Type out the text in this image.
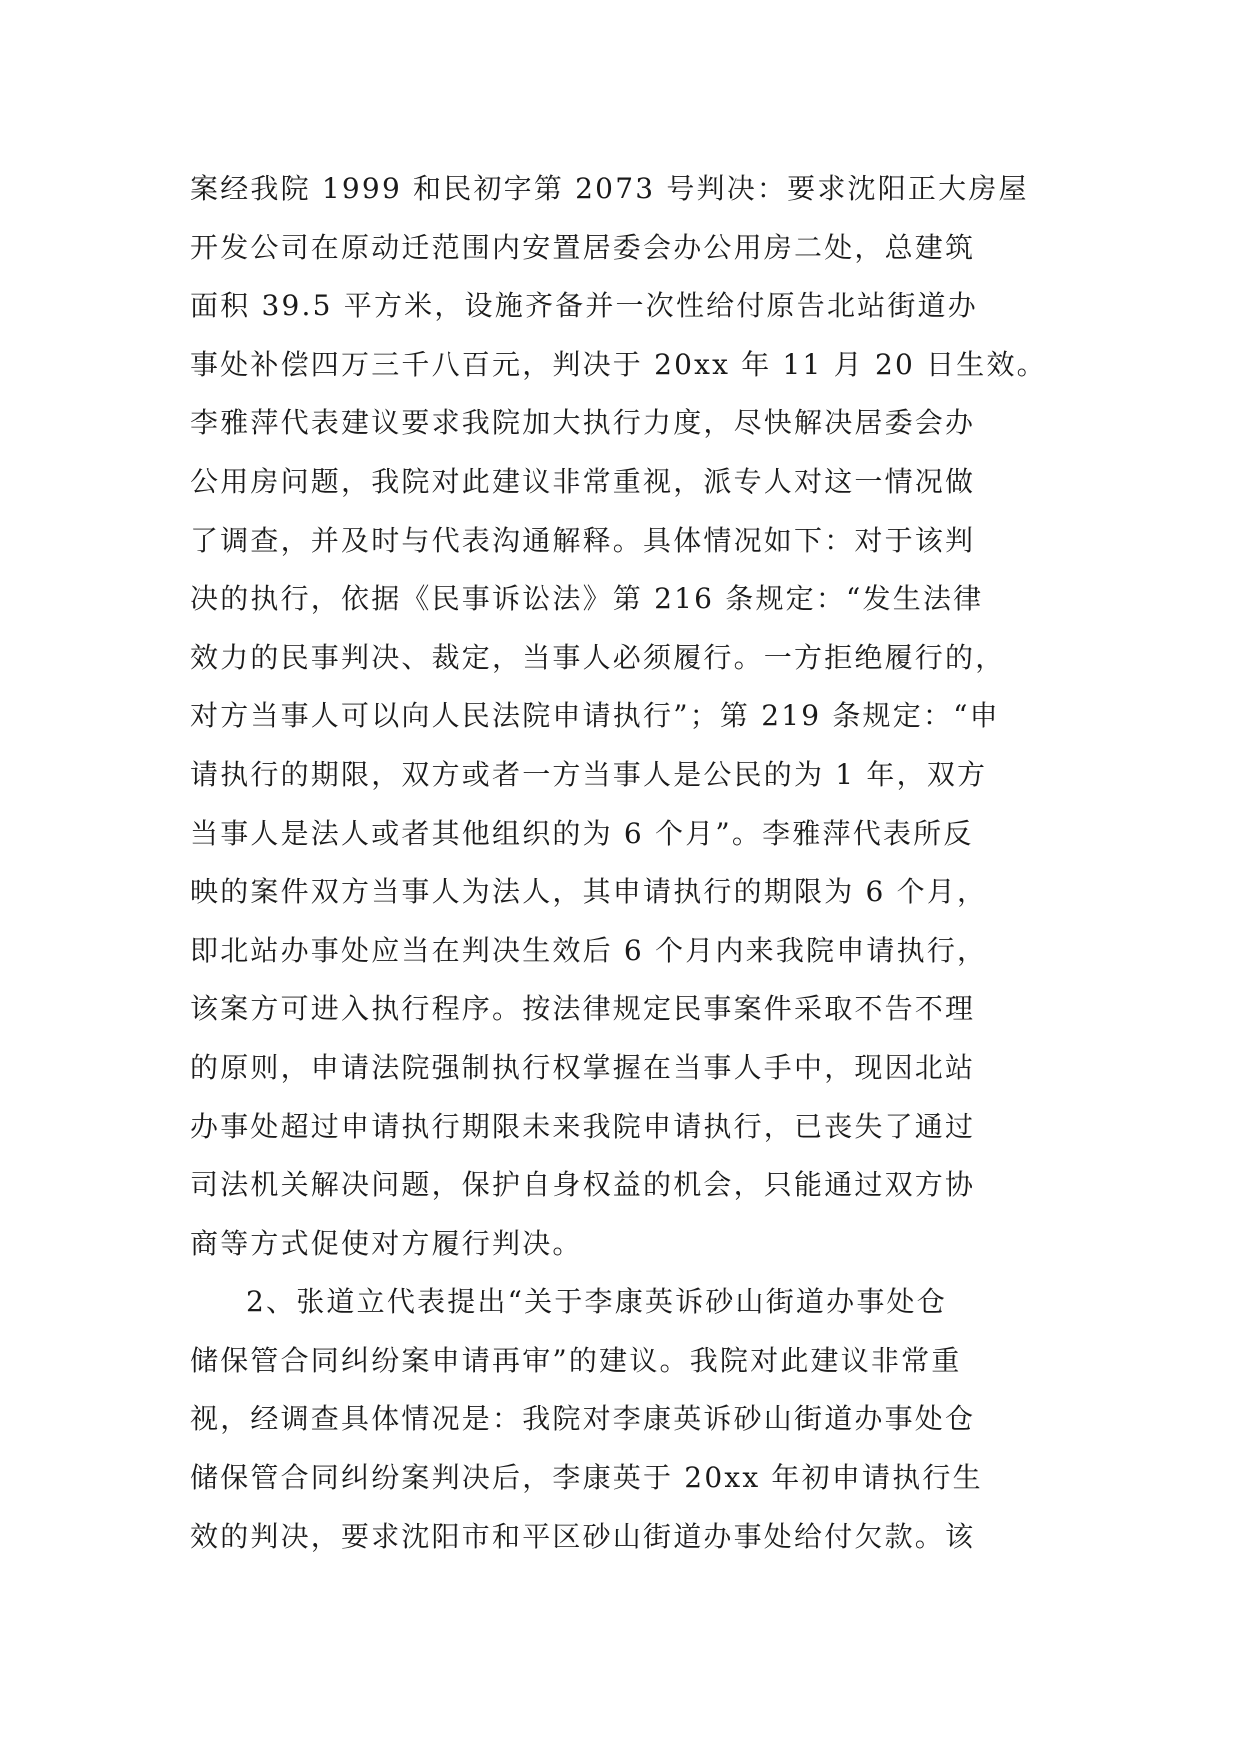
案经我院 1999 和民初字第 2073 号判决：要求沈阳正大房屋
开发公司在原动迁范围内安置居委会办公用房二处，总建筑
面积 39.5 平方米，设施齐备并一次性给付原告北站街道办
事处补偿四万三千八百元，判决于 20xx 年 11 月 20 日生效。
李雅萍代表建议要求我院加大执行力度，尽快解决居委会办
公用房问题，我院对此建议非常重视，派专人对这一情况做
了调查，并及时与代表沟通解释。具体情况如下：对于该判
决的执行，依据《民事诉讼法》第 216 条规定：“发生法律
效力的民事判决、裁定，当事人必须履行。一方拒绝履行的，
对方当事人可以向人民法院申请执行”；第 219 条规定：“申
请执行的期限，双方或者一方当事人是公民的为 1 年，双方
当事人是法人或者其他组织的为 6 个月”。李雅萍代表所反
映的案件双方当事人为法人，其申请执行的期限为 6 个月，
即北站办事处应当在判决生效后 6 个月内来我院申请执行，
该案方可进入执行程序。按法律规定民事案件采取不告不理
的原则，申请法院强制执行权掌握在当事人手中，现因北站
办事处超过申请执行期限未来我院申请执行，已丧失了通过
司法机关解决问题，保护自身权益的机会，只能通过双方协
商等方式促使对方履行判决。
2、张道立代表提出“关于李康英诉砂山街道办事处仓
储保管合同纠纷案申请再审”的建议。我院对此建议非常重
视，经调查具体情况是：我院对李康英诉砂山街道办事处仓
储保管合同纠纷案判决后，李康英于 20xx 年初申请执行生
效的判决，要求沈阳市和平区砂山街道办事处给付欠款。该
